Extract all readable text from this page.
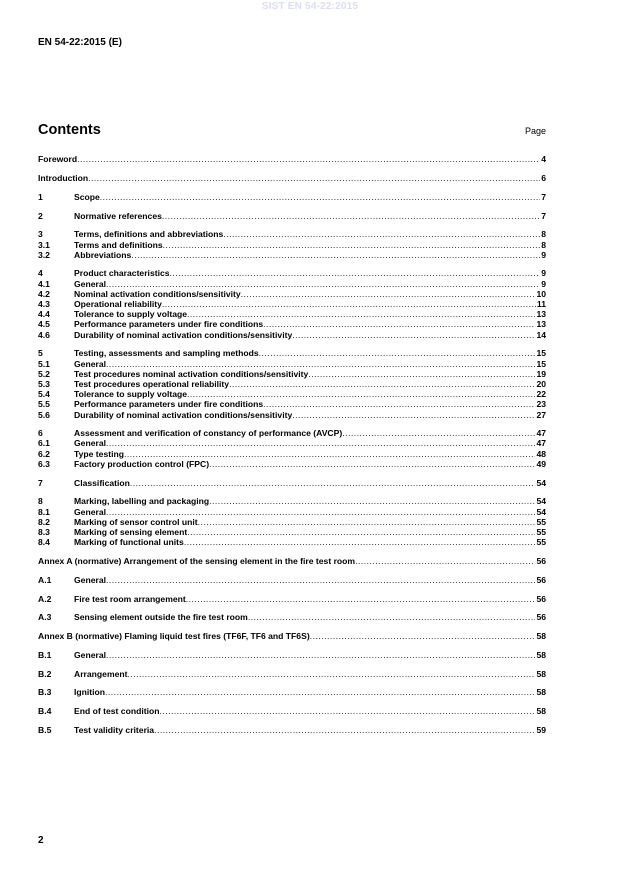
SIST EN 54-22:2015
EN 54-22:2015 (E)
Contents	Page
Foreword .....	4
Introduction .....	6
1	Scope .....	7
2	Normative references .....	7
3	Terms, definitions and abbreviations .....	8
3.1	Terms and definitions .....	8
3.2	Abbreviations .....	9
4	Product characteristics .....	9
4.1	General .....	9
4.2	Nominal activation conditions/sensitivity .....	10
4.3	Operational reliability .....	11
4.4	Tolerance to supply voltage .....	13
4.5	Performance parameters under fire conditions .....	13
4.6	Durability of nominal activation conditions/sensitivity .....	14
5	Testing, assessments and sampling methods .....	15
5.1	General .....	15
5.2	Test procedures nominal activation conditions/sensitivity .....	19
5.3	Test procedures operational reliability .....	20
5.4	Tolerance to supply voltage .....	22
5.5	Performance parameters under fire conditions .....	23
5.6	Durability of nominal activation conditions/sensitivity .....	27
6	Assessment and verification of constancy of performance (AVCP) .....	47
6.1	General .....	47
6.2	Type testing .....	48
6.3	Factory production control (FPC) .....	49
7	Classification .....	54
8	Marking, labelling and packaging .....	54
8.1	General .....	54
8.2	Marking of sensor control unit .....	55
8.3	Marking of sensing element .....	55
8.4	Marking of functional units .....	55
Annex A (normative) Arrangement of the sensing element in the fire test room .....	56
A.1	General .....	56
A.2	Fire test room arrangement .....	56
A.3	Sensing element outside the fire test room .....	56
Annex B (normative) Flaming liquid test fires (TF6F, TF6 and TF6S) .....	58
B.1	General .....	58
B.2	Arrangement .....	58
B.3	Ignition .....	58
B.4	End of test condition .....	58
B.5	Test validity criteria .....	59
2
